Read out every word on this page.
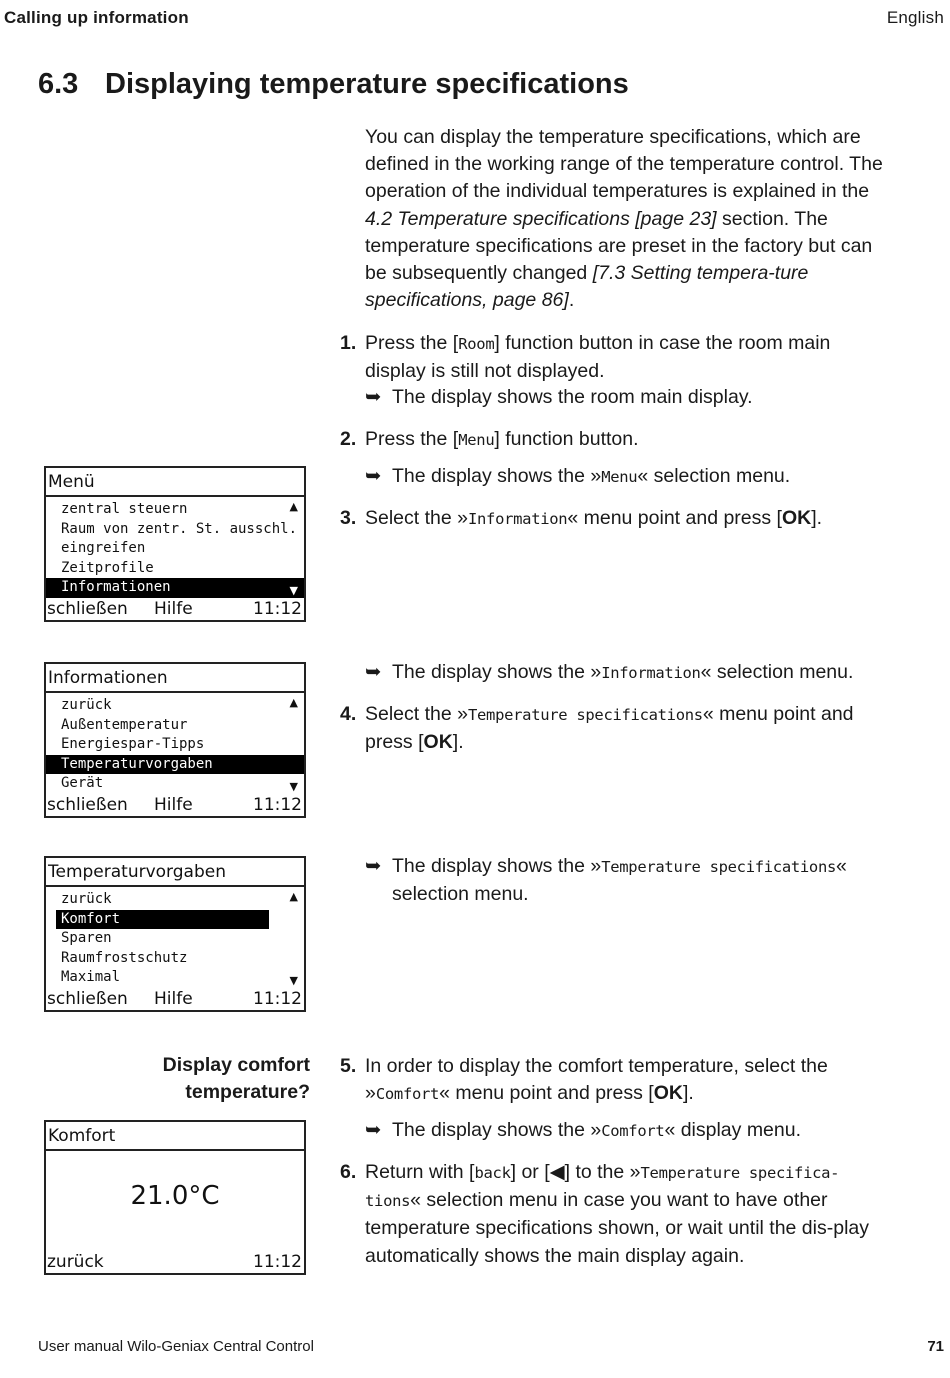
Calling up information	English
6.3 Displaying temperature specifications
You can display the temperature specifications, which are defined in the working range of the temperature control. The operation of the individual temperatures is explained in the 4.2 Temperature specifications [page 23] section. The temperature specifications are preset in the factory but can be subsequently changed [7.3 Setting tempera-ture specifications, page 86].
1. Press the [Room] function button in case the room main display is still not displayed.
➥ The display shows the room main display.
2. Press the [Menu] function button.
➥ The display shows the »Menu« selection menu.
3. Select the »Information« menu point and press [OK].
➥ The display shows the »Information« selection menu.
4. Select the »Temperature specifications« menu point and press [OK].
➥ The display shows the »Temperature specifications« selection menu.
Display comfort
temperature?
5. In order to display the comfort temperature, select the »Comfort« menu point and press [OK].
➥ The display shows the »Comfort« display menu.
6. Return with [back] or [◀] to the »Temperature specifica-tions« selection menu in case you want to have other temperature specifications shown, or wait until the dis-play automatically shows the main display again.
Menü
zentral steuern
Raum von zentr. St. ausschl.
eingreifen
Zeitprofile
Informationen
▲
▼
schließen Hilfe	11:12
Informationen
zurück
Außentemperatur
Energiespar-Tipps
Temperaturvorgaben
Gerät
▲
▼
schließen Hilfe	11:12
Temperaturvorgaben
zurück
Komfort
Sparen
Raumfrostschutz
Maximal
▲
▼
schließen Hilfe	11:12
Komfort
21.0°C
zurück	11:12
User manual Wilo-Geniax Central Control	71
